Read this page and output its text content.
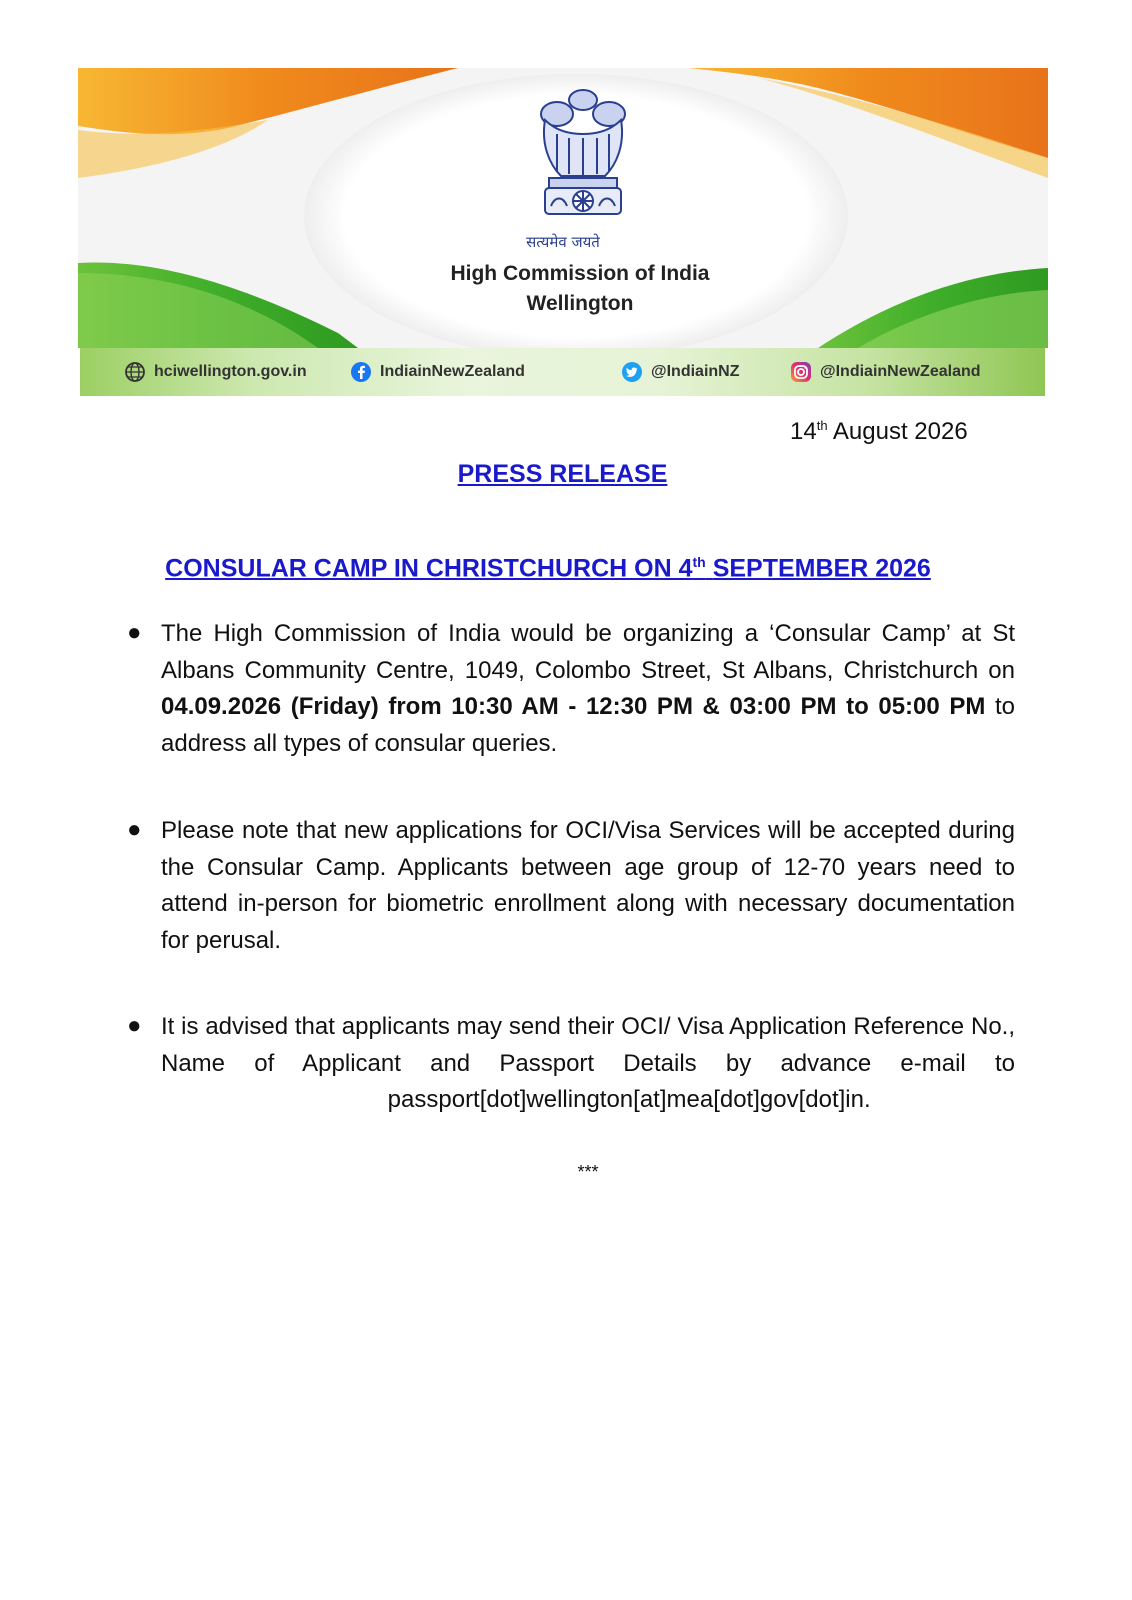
सत्यमेव जयते
High Commission of India
Wellington
hciwellington.gov.in	IndiainNewZealand	@IndiainNZ	@IndiainNewZealand
14th August 2026
PRESS RELEASE
CONSULAR CAMP IN CHRISTCHURCH ON 4th SEPTEMBER 2026
● The High Commission of India would be organizing a ‘Consular Camp’ at St Albans Community Centre, 1049, Colombo Street, St Albans, Christchurch on 04.09.2026 (Friday) from 10:30 AM - 12:30 PM & 03:00 PM to 05:00 PM to address all types of consular queries.
● Please note that new applications for OCI/Visa Services will be accepted during the Consular Camp. Applicants between age group of 12-70 years need to attend in-person for biometric enrollment along with necessary documentation for perusal.
● It is advised that applicants may send their OCI/ Visa Application Reference No., Name of Applicant and Passport Details by advance e-mail to passport[dot]wellington[at]mea[dot]gov[dot]in.
***
